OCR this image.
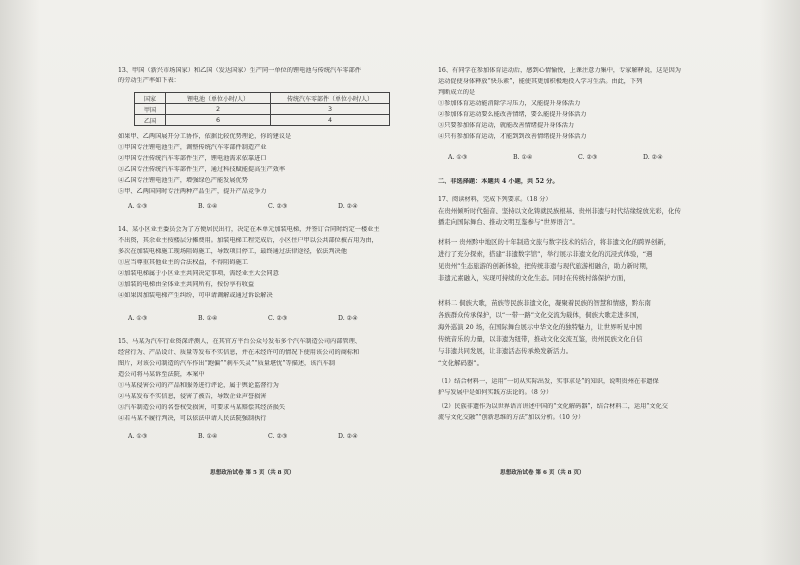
13、甲国（新兴市场国家）和乙国（发达国家）生产同一单位的锂电池与传统汽车零部件
的劳动生产率如下表：
国家	锂电池（单位小时/人）	传统汽车零部件（单位小时/人）
甲国	2	3
乙国	6	4
如果甲、乙两国展开分工协作，依据比较优势理论，你的建议是
①甲国专注锂电池生产，调整传统汽车零部件制造产业
②甲国专注传统汽车零部件生产，锂电池需求依靠进口
③乙国专注传统汽车零部件生产，通过科技赋能提高生产效率
④乙国专注锂电池生产，增强绿色产能发展优势
⑤甲、乙两国同时专注两种产品生产，提升产品竞争力
A. ①③	B. ①④	C. ②③	D. ②④
14、某小区业主委员会为了方便居民出行，决定在本单元加装电梯，并签订合同时约定一楼业主
不出资，其余业主按楼层分摊费用。加装电梯工程完成后，小区住户甲以公共部位被占用为由，
多次在加装电梯施工现场阻碍施工，导致项目停工，最终通过法律途径，依法判决他
①应当尊重其他业主的合法权益，不得阻碍施工
②加装电梯属于小区业主共同决定事项，需经业主大会同意
③加装的电梯由全体业主共同所有，按份享有收益
④如果因加装电梯产生纠纷，可申请调解或通过诉讼解决
A. ①③	B. ①④	C. ②③	D. ②④
15、马某为汽车行业资深评测人，在其官方平台公众号发布多个汽车制造公司内部管理、
经营行为、产品设计、质量等发布不实信息，并在未经许可的情况下使用该公司的商标和
图片，对该公司制造的汽车作出“跑偏”“刹车失灵”“质量堪忧”等描述，该汽车制
造公司将马某诉至法院，本案中
①马某侵害公司的产品和服务进行评论，属于舆论监督行为
②马某发布不实信息，侵害了被告，导致企业声誉损害
③汽车制造公司的名誉权受损害，可要求马某赔偿其经济损失
④若马某不履行判决，可以依法申请人民法院强制执行
A. ①③	B. ①④	C. ②③	D. ②④
思想政治试卷 第 5 页（共 8 页）
16、有同学在参加体育运动后，感到心情愉悦，上课注意力集中，专家解释说，这是因为
运动促使身体释放“快乐素”，能使其更加积极地投入学习生活。由此，下列
判断成立的是
①参加体育运动能消除学习压力，又能提升身体活力
②参加体育运动要么能改善情绪，要么能提升身体活力
③只要参加体育运动，就能改善情绪提升身体活力
④只有参加体育运动，才能到到改善情绪提升身体活力
A. ①③	B. ①④	C. ②③	D. ②④
二、非选择题：本题共 4 小题，共 52 分。
17、阅读材料，完成下列要求。（18 分）
在贵州倾听时代强音、坚持以文化铸就民族根基、贵州非遗与时代结缘绽放光彩，化传
播走向国际舞台、推动文明互鉴参与“世界语言”。
材料一 贵州黔中地区的十年制造文旅与数字技术的结合，将非遗文化的跨界创新，
进行了充分探索，搭建“非遗数字馆”，举行展示非遗文化的沉浸式体验，“遇
见贵州”生态旅游的创新体验，把传统非遗与现代旅游相融合，助力新时期，
非遗元素融入，实现可持续的文化生态。同时在传统村落保护方面，
材料二 侗族大歌，苗族等民族非遗文化，凝聚着民族的智慧和情感，黔东南
各族群众传承保护，以“一带一路”文化交流为载体，侗族大歌走进多国，
海外巡演 20 场，在国际舞台展示中华文化的独特魅力，让世界听见中国
传统音乐的力量，以非遗为纽带，推动文化交流互鉴，贵州民族文化自信
与非遗共同发展，让非遗活态传承焕发新活力。
“文化解码器”。
（1）结合材料一，运用“一切从实际出发，实事求是”的知识，说明贵州在非遗保
护与发展中是如何实践方法论的。（8 分）
（2）民族非遗作为以世界语言讲述中国的“文化解码器”，结合材料二，运用“文化交
流与文化交融”“创新思维的方法”加以分析。（10 分）
思想政治试卷 第 6 页（共 8 页）
